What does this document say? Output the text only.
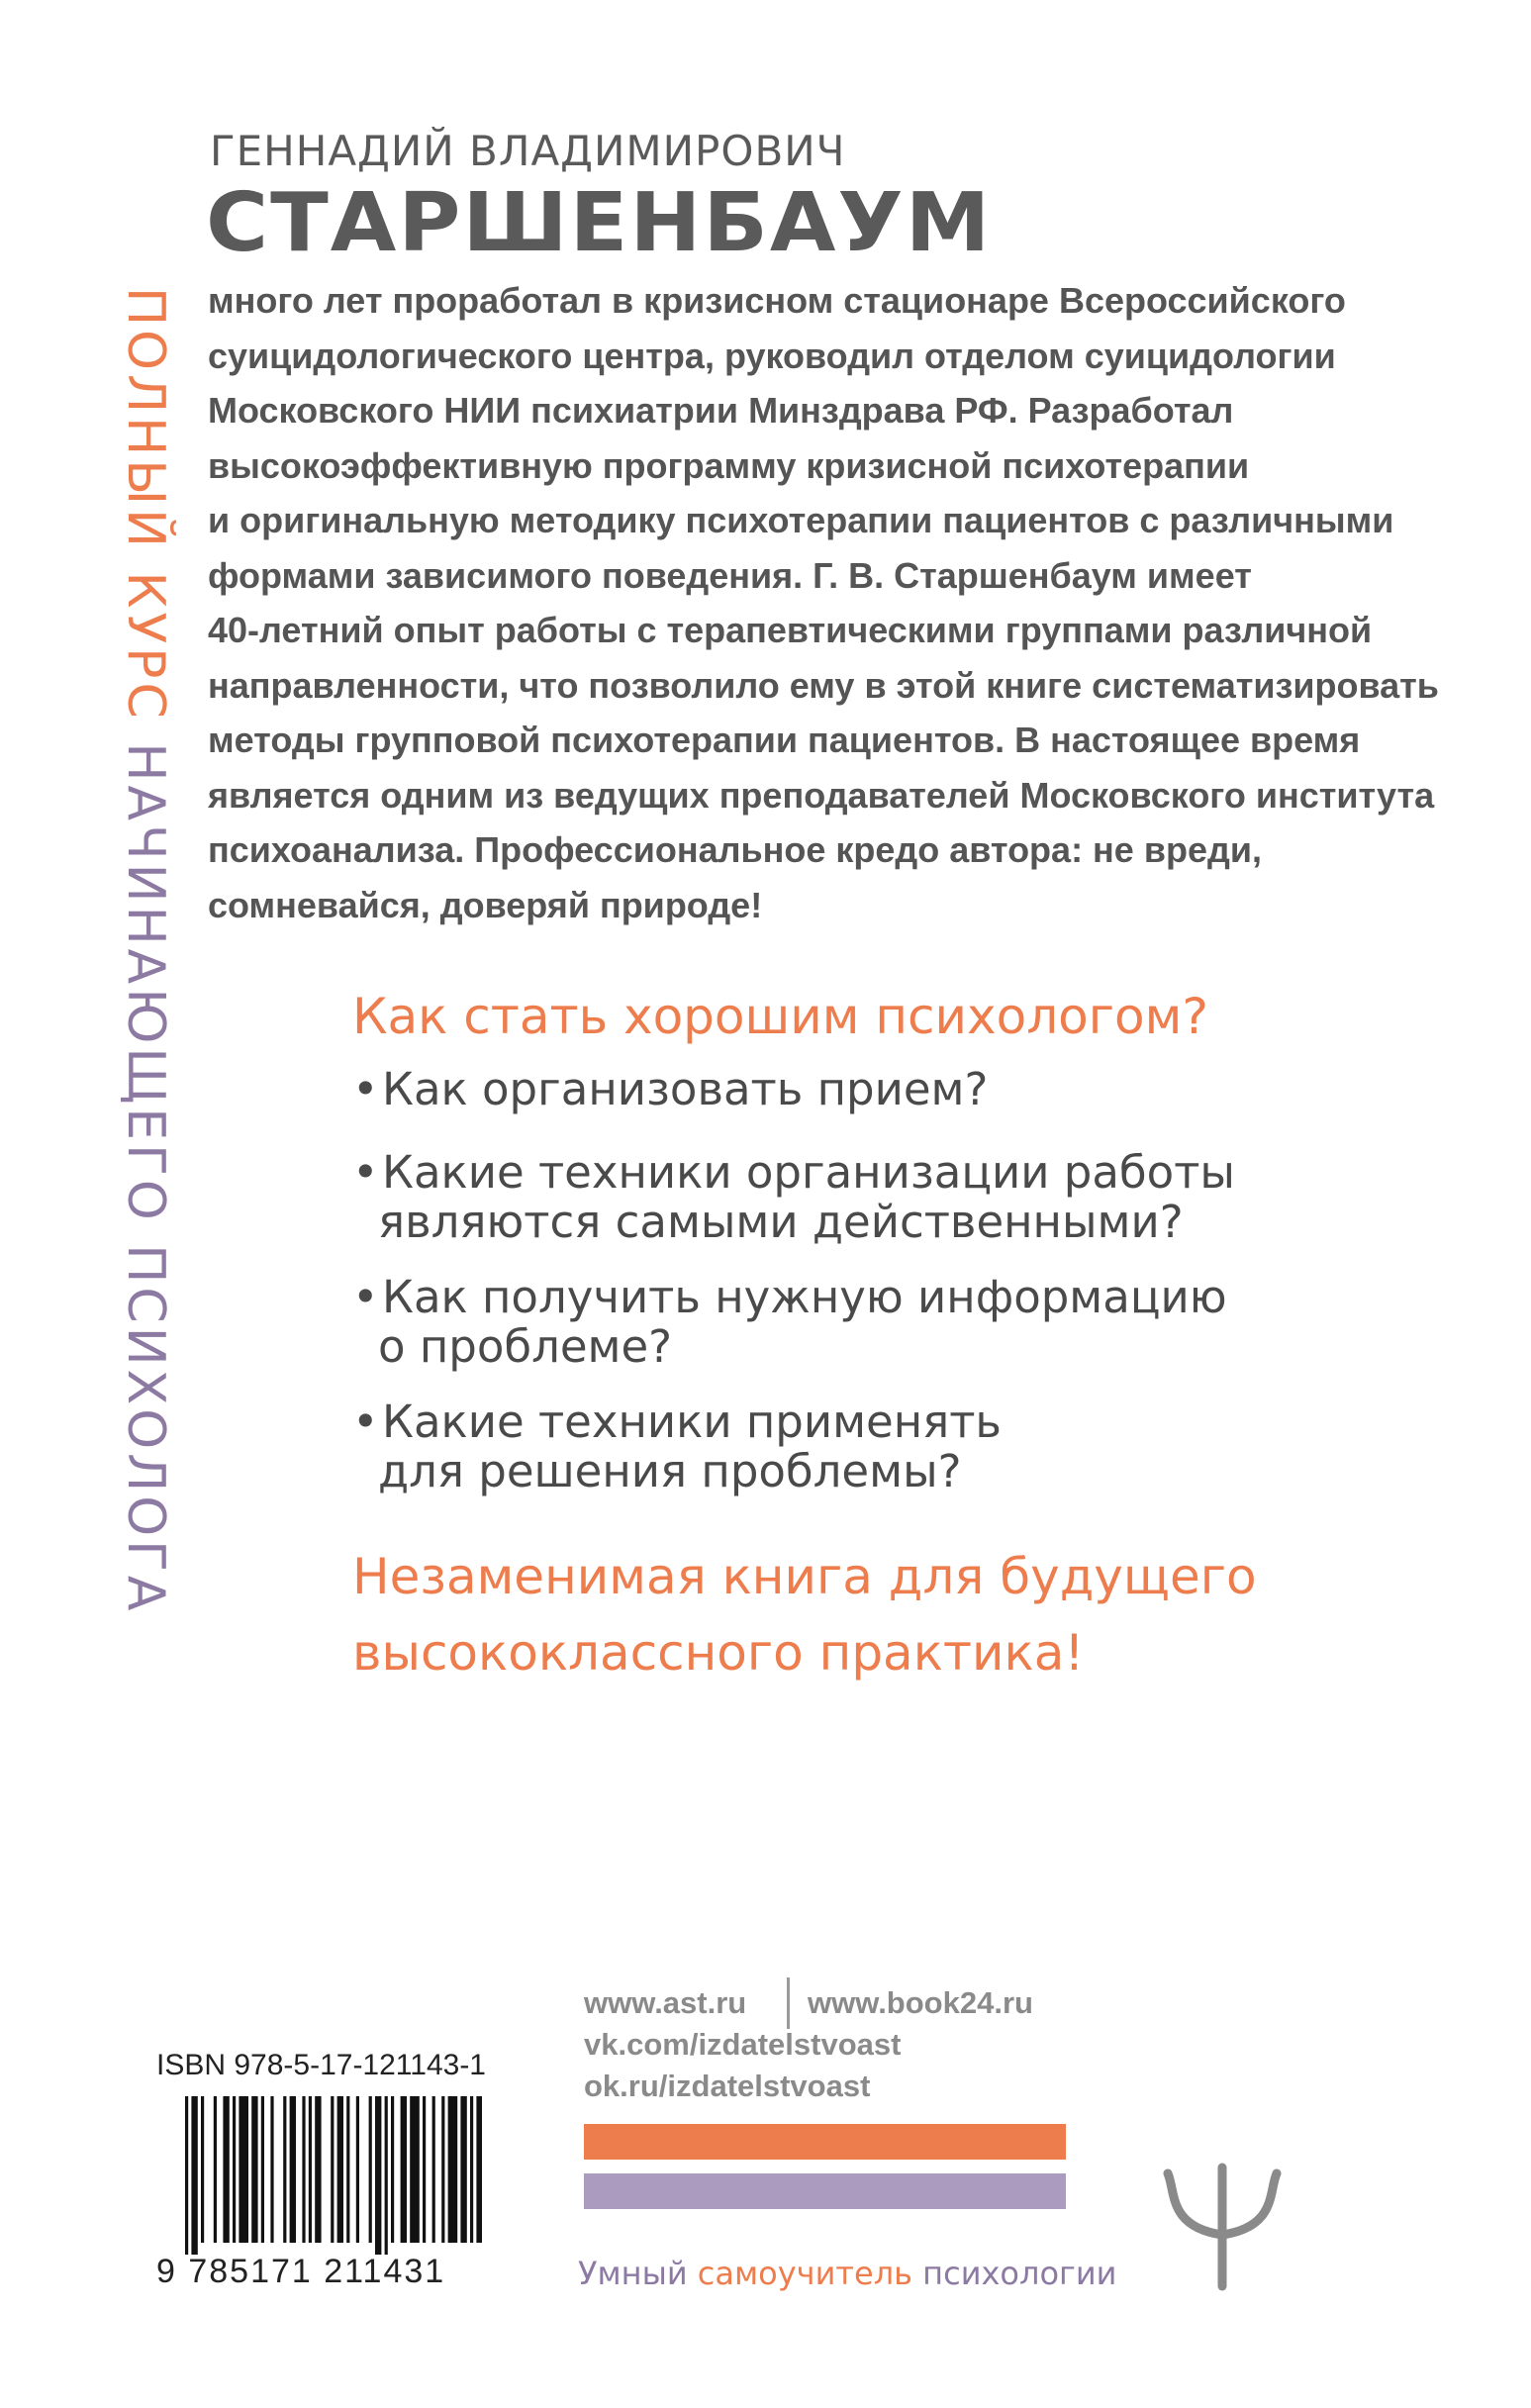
ПОЛНЫЙ КУРС НАЧИНАЮЩЕГО ПСИХОЛОГА
ГЕННАДИЙ ВЛАДИМИРОВИЧ
СТАРШЕНБАУМ

много лет проработал в кризисном стационаре Всероссийского

суицидологического центра, руководил отделом суицидологии

Московского НИИ психиатрии Минздрава РФ. Разработал

высокоэффективную программу кризисной психотерапии

и оригинальную методику психотерапии пациентов с различными

формами зависимого поведения. Г. В. Старшенбаум имеет

40-летний опыт работы с терапевтическими группами различной

направленности, что позволило ему в этой книге систематизировать

методы групповой психотерапии пациентов. В настоящее время

является одним из ведущих преподавателей Московского института

психоанализа. Профессиональное кредо автора: не вреди,

сомневайся, доверяй природе!

Как стать хорошим психологом?
•Как организовать прием?
•Какие техники организации работы
являются самыми действенными?
•Как получить нужную информацию
о проблеме?
•Какие техники применять
для решения проблемы?
Незаменимая книга для будущего
высококлассного практика!
ISBN 978-5-17-121143-1
9 785171 211431
www.ast.ru www.book24.ru
vk.com/izdatelstvoast
ok.ru/izdatelstvoast
Умный самоучитель психологии
